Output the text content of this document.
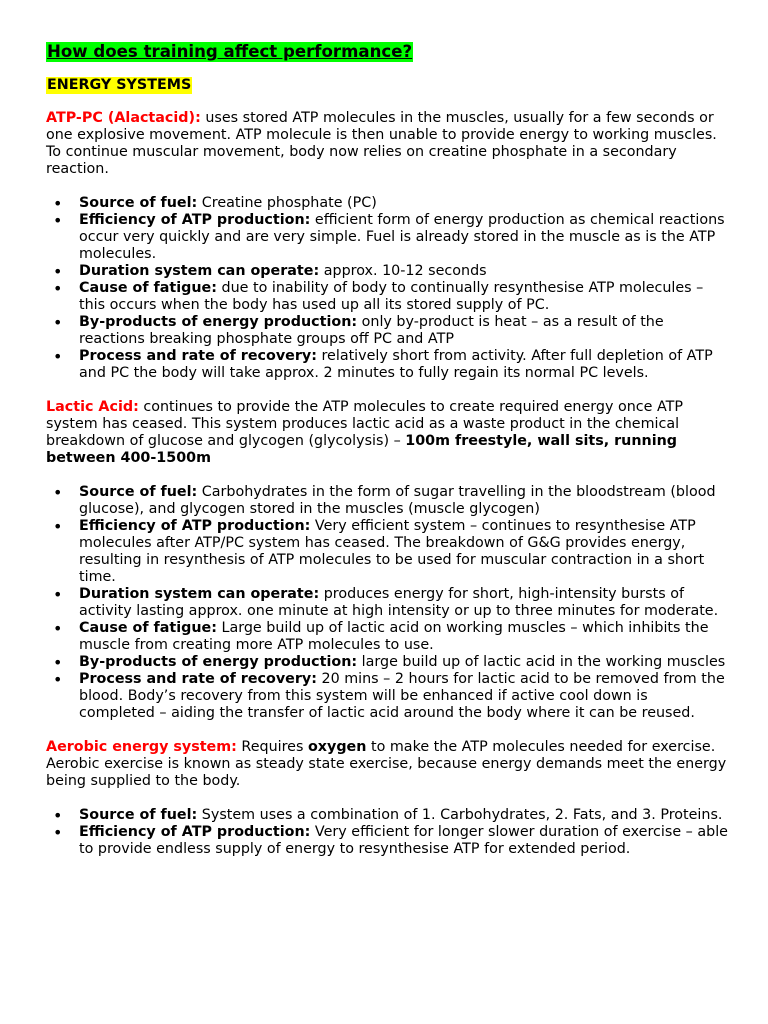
How does training affect performance?
ENERGY SYSTEMS

ATP-PC (Alactacid): uses stored ATP molecules in the muscles, usually for a few seconds or one explosive movement. ATP molecule is then unable to provide energy to working muscles. To continue muscular movement, body now relies on creatine phosphate in a secondary reaction.

• Source of fuel: Creatine phosphate (PC)
• Efficiency of ATP production: efficient form of energy production as chemical reactions occur very quickly and are very simple. Fuel is already stored in the muscle as is the ATP molecules.
• Duration system can operate: approx. 10-12 seconds
• Cause of fatigue: due to inability of body to continually resynthesise ATP molecules – this occurs when the body has used up all its stored supply of PC.
• By-products of energy production: only by-product is heat – as a result of the reactions breaking phosphate groups off PC and ATP
• Process and rate of recovery: relatively short from activity. After full depletion of ATP and PC the body will take approx. 2 minutes to fully regain its normal PC levels.

Lactic Acid: continues to provide the ATP molecules to create required energy once ATP system has ceased. This system produces lactic acid as a waste product in the chemical breakdown of glucose and glycogen (glycolysis) – 100m freestyle, wall sits, running between 400-1500m

• Source of fuel: Carbohydrates in the form of sugar travelling in the bloodstream (blood glucose), and glycogen stored in the muscles (muscle glycogen)
• Efficiency of ATP production: Very efficient system – continues to resynthesise ATP molecules after ATP/PC system has ceased. The breakdown of G&G provides energy, resulting in resynthesis of ATP molecules to be used for muscular contraction in a short time.
• Duration system can operate: produces energy for short, high-intensity bursts of activity lasting approx. one minute at high intensity or up to three minutes for moderate.
• Cause of fatigue: Large build up of lactic acid on working muscles – which inhibits the muscle from creating more ATP molecules to use.
• By-products of energy production: large build up of lactic acid in the working muscles
• Process and rate of recovery: 20 mins – 2 hours for lactic acid to be removed from the blood. Body’s recovery from this system will be enhanced if active cool down is completed – aiding the transfer of lactic acid around the body where it can be reused.

Aerobic energy system: Requires oxygen to make the ATP molecules needed for exercise. Aerobic exercise is known as steady state exercise, because energy demands meet the energy being supplied to the body.

• Source of fuel: System uses a combination of 1. Carbohydrates, 2. Fats, and 3. Proteins.
• Efficiency of ATP production: Very efficient for longer slower duration of exercise – able to provide endless supply of energy to resynthesise ATP for extended period.
